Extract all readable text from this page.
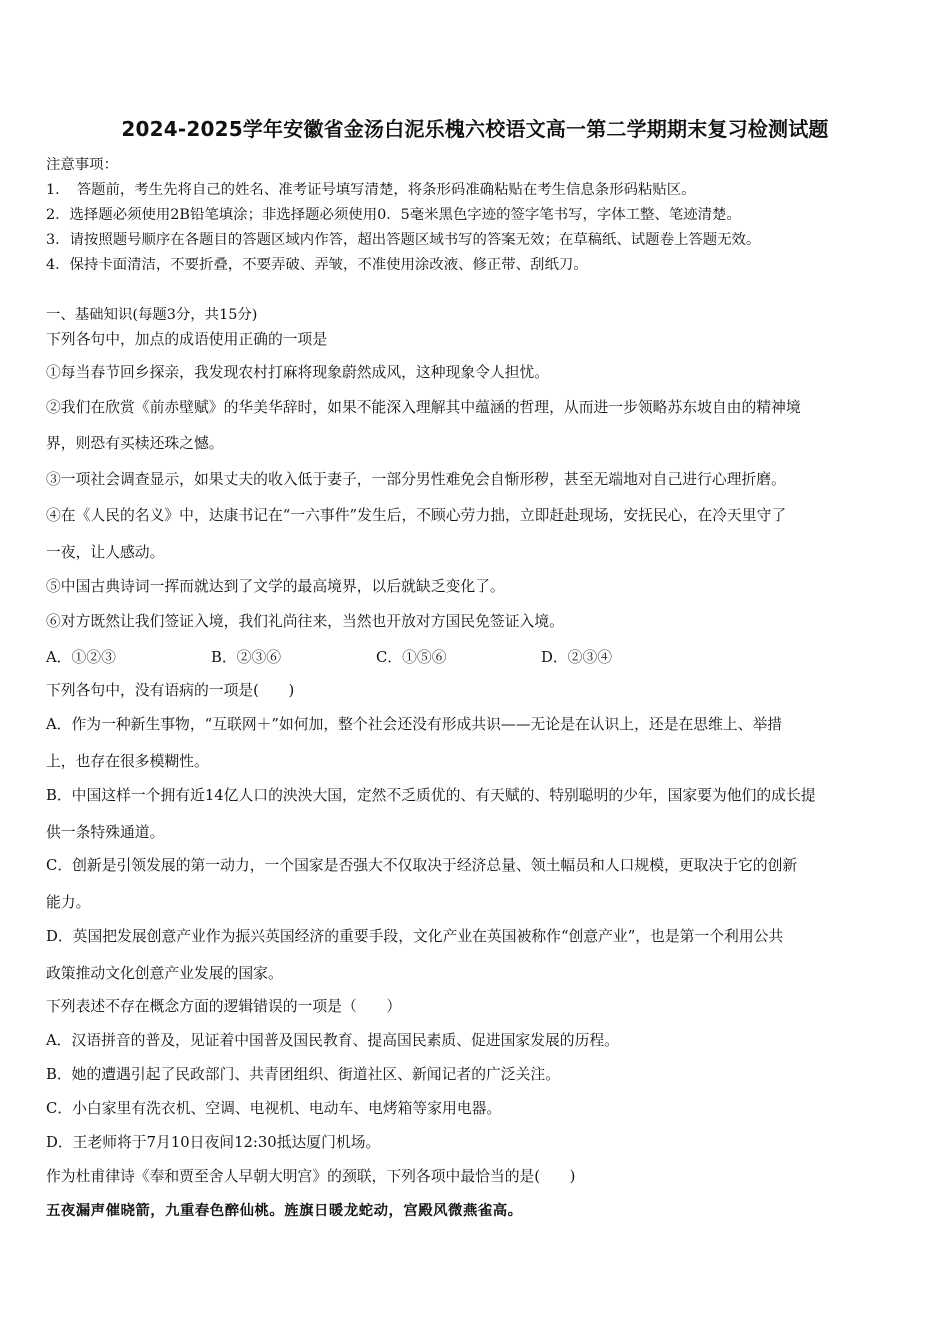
2024-2025学年安徽省金汤白泥乐槐六校语文高一第二学期期末复习检测试题
注意事项：
1．　答题前，考生先将自己的姓名、准考证号填写清楚，将条形码准确粘贴在考生信息条形码粘贴区。
2．选择题必须使用2B铅笔填涂；非选择题必须使用0．5毫米黑色字迹的签字笔书写，字体工整、笔迹清楚。
3．请按照题号顺序在各题目的答题区域内作答，超出答题区域书写的答案无效；在草稿纸、试题卷上答题无效。
4．保持卡面清洁，不要折叠，不要弄破、弄皱，不准使用涂改液、修正带、刮纸刀。
一、基础知识(每题3分，共15分)
下列各句中，加点的成语使用正确的一项是
①每当春节回乡探亲，我发现农村打麻将现象蔚然成风，这种现象令人担忧。
②我们在欣赏《前赤壁赋》的华美华辞时，如果不能深入理解其中蕴涵的哲理，从而进一步领略苏东坡自由的精神境
界，则恐有买椟还珠之憾。
③一项社会调查显示，如果丈夫的收入低于妻子，一部分男性难免会自惭形秽，甚至无端地对自己进行心理折磨。
④在《人民的名义》中，达康书记在“一六事件”发生后，不顾心劳力拙，立即赶赴现场，安抚民心，在冷天里守了
一夜，让人感动。
⑤中国古典诗词一挥而就达到了文学的最高境界，以后就缺乏变化了。
⑥对方既然让我们签证入境，我们礼尚往来，当然也开放对方国民免签证入境。
A．①②③	B．②③⑥	C．①⑤⑥	D．②③④
下列各句中，没有语病的一项是(　　)
A．作为一种新生事物，“互联网＋”如何加，整个社会还没有形成共识——无论是在认识上，还是在思维上、举措
上，也存在很多模糊性。
B．中国这样一个拥有近14亿人口的泱泱大国，定然不乏质优的、有天赋的、特别聪明的少年，国家要为他们的成长提
供一条特殊通道。
C．创新是引领发展的第一动力，一个国家是否强大不仅取决于经济总量、领土幅员和人口规模，更取决于它的创新
能力。
D．英国把发展创意产业作为振兴英国经济的重要手段，文化产业在英国被称作“创意产业”，也是第一个利用公共
政策推动文化创意产业发展的国家。
下列表述不存在概念方面的逻辑错误的一项是（　　）
A．汉语拼音的普及，见证着中国普及国民教育、提高国民素质、促进国家发展的历程。
B．她的遭遇引起了民政部门、共青团组织、街道社区、新闻记者的广泛关注。
C．小白家里有洗衣机、空调、电视机、电动车、电烤箱等家用电器。
D．王老师将于7月10日夜间12:30抵达厦门机场。
作为杜甫律诗《奉和贾至舍人早朝大明宫》的颈联，下列各项中最恰当的是(　　)
五夜漏声催晓箭，九重春色醉仙桃。旌旗日暖龙蛇动，宫殿风微燕雀高。
